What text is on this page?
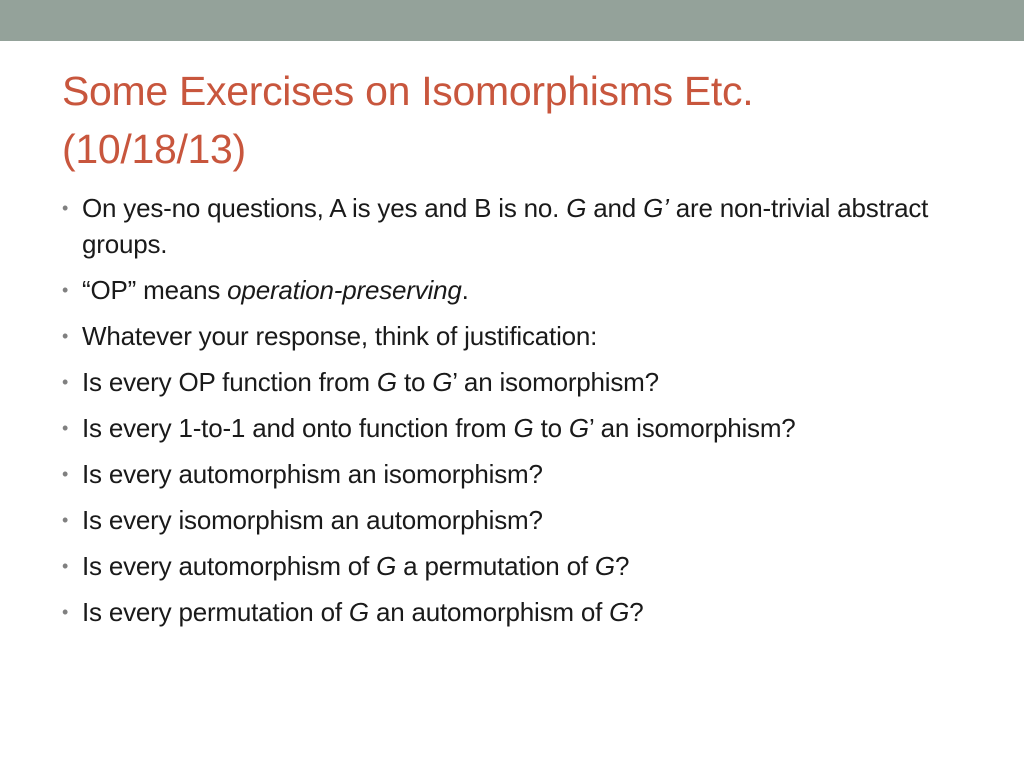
Some Exercises on Isomorphisms Etc.
(10/18/13)
• On yes-no questions, A is yes and B is no. G and G’ are non-trivial abstract groups.
• “OP” means operation-preserving.
• Whatever your response, think of justification:
• Is every OP function from G to G’ an isomorphism?
• Is every 1-to-1 and onto function from G to G’ an isomorphism?
• Is every automorphism an isomorphism?
• Is every isomorphism an automorphism?
• Is every automorphism of G a permutation of G?
• Is every permutation of G an automorphism of G?
